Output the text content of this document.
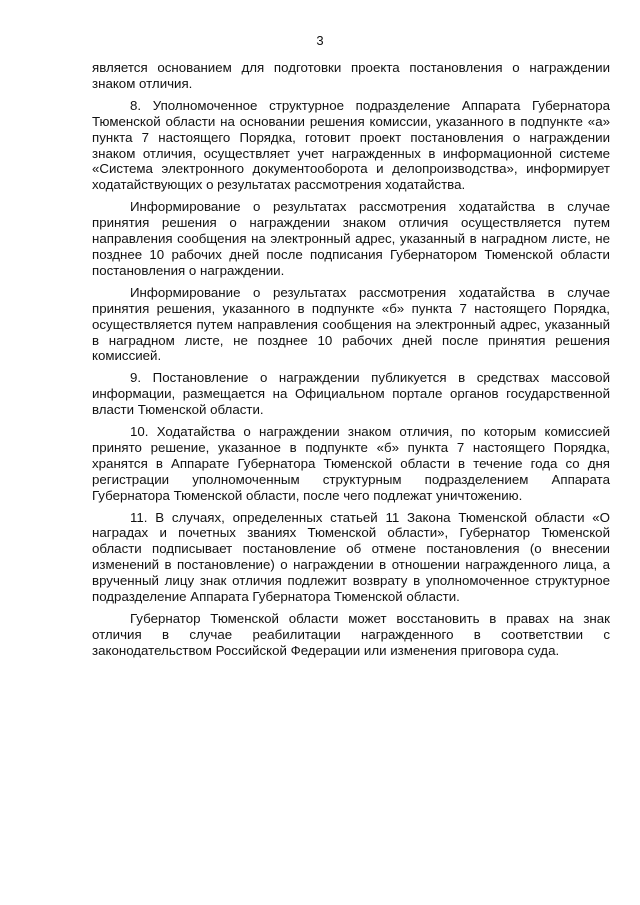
3

является основанием для подготовки проекта постановления о награждении знаком отличия.

8. Уполномоченное структурное подразделение Аппарата Губернатора Тюменской области на основании решения комиссии, указанного в подпункте «а» пункта 7 настоящего Порядка, готовит проект постановления о награждении знаком отличия, осуществляет учет награжденных в информационной системе «Система электронного документооборота и делопроизводства», информирует ходатайствующих о результатах рассмотрения ходатайства.

Информирование о результатах рассмотрения ходатайства в случае принятия решения о награждении знаком отличия осуществляется путем направления сообщения на электронный адрес, указанный в наградном листе, не позднее 10 рабочих дней после подписания Губернатором Тюменской области постановления о награждении.

Информирование о результатах рассмотрения ходатайства в случае принятия решения, указанного в подпункте «б» пункта 7 настоящего Порядка, осуществляется путем направления сообщения на электронный адрес, указанный в наградном листе, не позднее 10 рабочих дней после принятия решения комиссией.

9. Постановление о награждении публикуется в средствах массовой информации, размещается на Официальном портале органов государственной власти Тюменской области.

10. Ходатайства о награждении знаком отличия, по которым комиссией принято решение, указанное в подпункте «б» пункта 7 настоящего Порядка, хранятся в Аппарате Губернатора Тюменской области в течение года со дня регистрации уполномоченным структурным подразделением Аппарата Губернатора Тюменской области, после чего подлежат уничтожению.

11. В случаях, определенных статьей 11 Закона Тюменской области «О наградах и почетных званиях Тюменской области», Губернатор Тюменской области подписывает постановление об отмене постановления (о внесении изменений в постановление) о награждении в отношении награжденного лица, а врученный лицу знак отличия подлежит возврату в уполномоченное структурное подразделение Аппарата Губернатора Тюменской области.

Губернатор Тюменской области может восстановить в правах на знак отличия в случае реабилитации награжденного в соответствии с законодательством Российской Федерации или изменения приговора суда.
